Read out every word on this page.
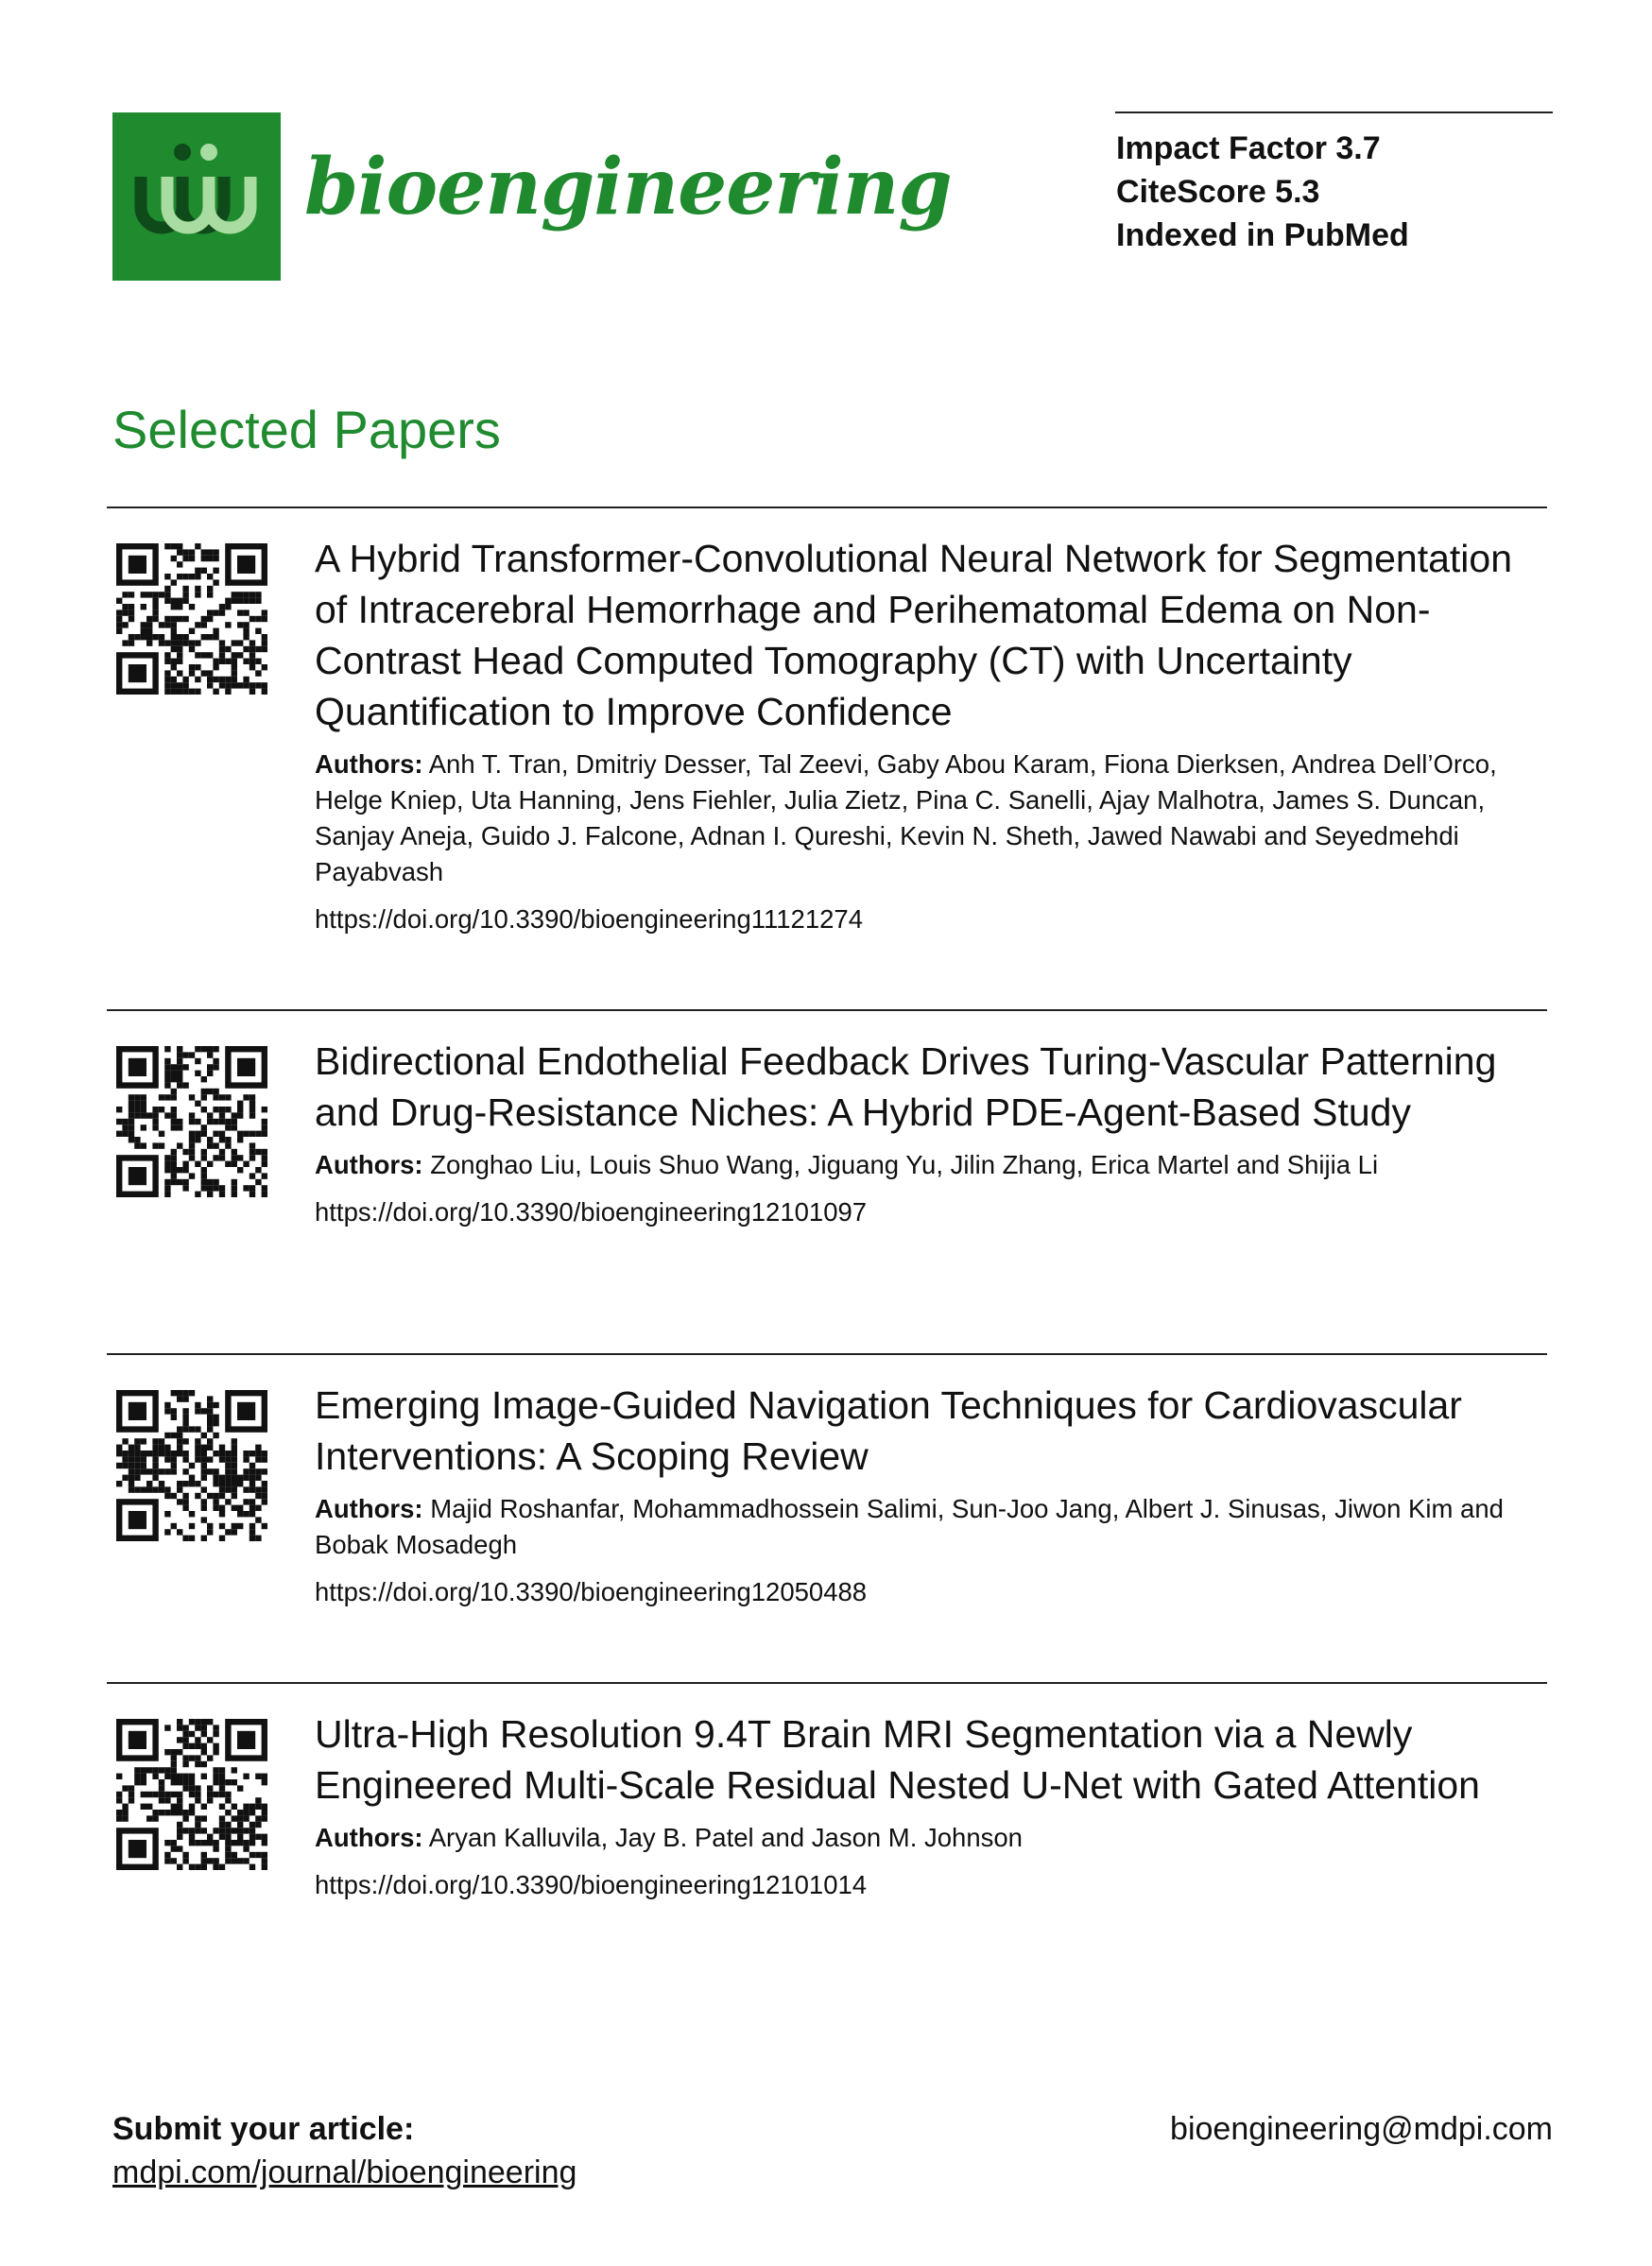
bioengineering	Impact Factor 3.7
CiteScore 5.3
Indexed in PubMed
Selected Papers
A Hybrid Transformer-Convolutional Neural Network for Segmentation of Intracerebral Hemorrhage and Perihematomal Edema on Non-Contrast Head Computed Tomography (CT) with Uncertainty Quantification to Improve Confidence
Authors: Anh T. Tran, Dmitriy Desser, Tal Zeevi, Gaby Abou Karam, Fiona Dierksen, Andrea Dell’Orco, Helge Kniep, Uta Hanning, Jens Fiehler, Julia Zietz, Pina C. Sanelli, Ajay Malhotra, James S. Duncan, Sanjay Aneja, Guido J. Falcone, Adnan I. Qureshi, Kevin N. Sheth, Jawed Nawabi and Seyedmehdi Payabvash
https://doi.org/10.3390/bioengineering11121274
Bidirectional Endothelial Feedback Drives Turing-Vascular Patterning and Drug-Resistance Niches: A Hybrid PDE-Agent-Based Study
Authors: Zonghao Liu, Louis Shuo Wang, Jiguang Yu, Jilin Zhang, Erica Martel and Shijia Li
https://doi.org/10.3390/bioengineering12101097
Emerging Image-Guided Navigation Techniques for Cardiovascular Interventions: A Scoping Review
Authors: Majid Roshanfar, Mohammadhossein Salimi, Sun-Joo Jang, Albert J. Sinusas, Jiwon Kim and Bobak Mosadegh
https://doi.org/10.3390/bioengineering12050488
Ultra-High Resolution 9.4T Brain MRI Segmentation via a Newly Engineered Multi-Scale Residual Nested U-Net with Gated Attention
Authors: Aryan Kalluvila, Jay B. Patel and Jason M. Johnson
https://doi.org/10.3390/bioengineering12101014
Submit your article:
mdpi.com/journal/bioengineering
bioengineering@mdpi.com
